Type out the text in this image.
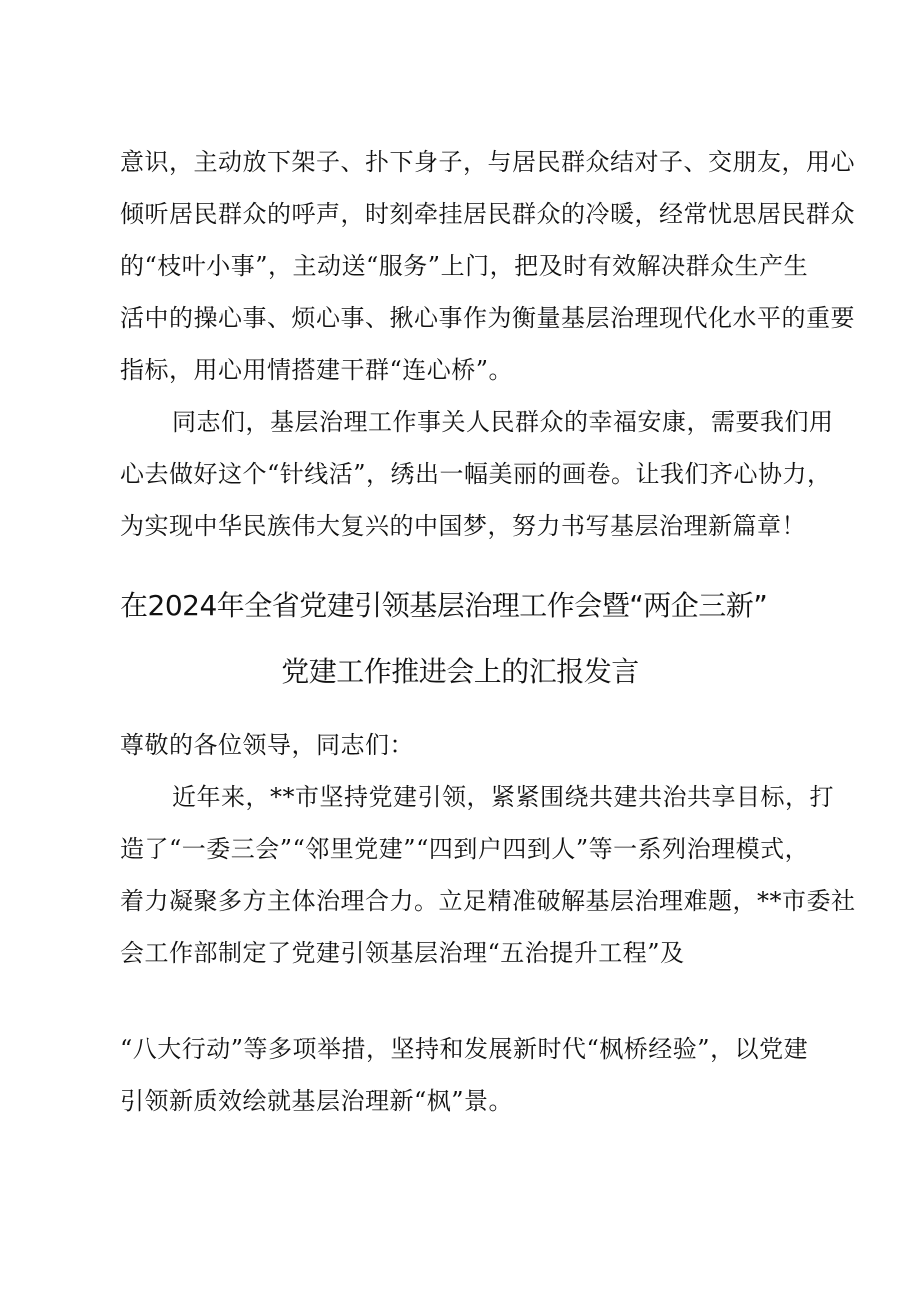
意识，主动放下架子、扑下身子，与居民群众结对子、交朋友，用心
倾听居民群众的呼声，时刻牵挂居民群众的冷暖，经常忧思居民群众
的“枝叶小事”，主动送“服务”上门，把及时有效解决群众生产生
活中的操心事、烦心事、揪心事作为衡量基层治理现代化水平的重要
指标，用心用情搭建干群“连心桥”。
同志们，基层治理工作事关人民群众的幸福安康，需要我们用
心去做好这个“针线活”，绣出一幅美丽的画卷。让我们齐心协力，
为实现中华民族伟大复兴的中国梦，努力书写基层治理新篇章！
在2024年全省党建引领基层治理工作会暨“两企三新”
党建工作推进会上的汇报发言
尊敬的各位领导，同志们：
近年来，**市坚持党建引领，紧紧围绕共建共治共享目标，打
造了“一委三会”“邻里党建”“四到户四到人”等一系列治理模式，
着力凝聚多方主体治理合力。立足精准破解基层治理难题，**市委社
会工作部制定了党建引领基层治理“五治提升工程”及
“八大行动”等多项举措，坚持和发展新时代“枫桥经验”，以党建
引领新质效绘就基层治理新“枫”景。
